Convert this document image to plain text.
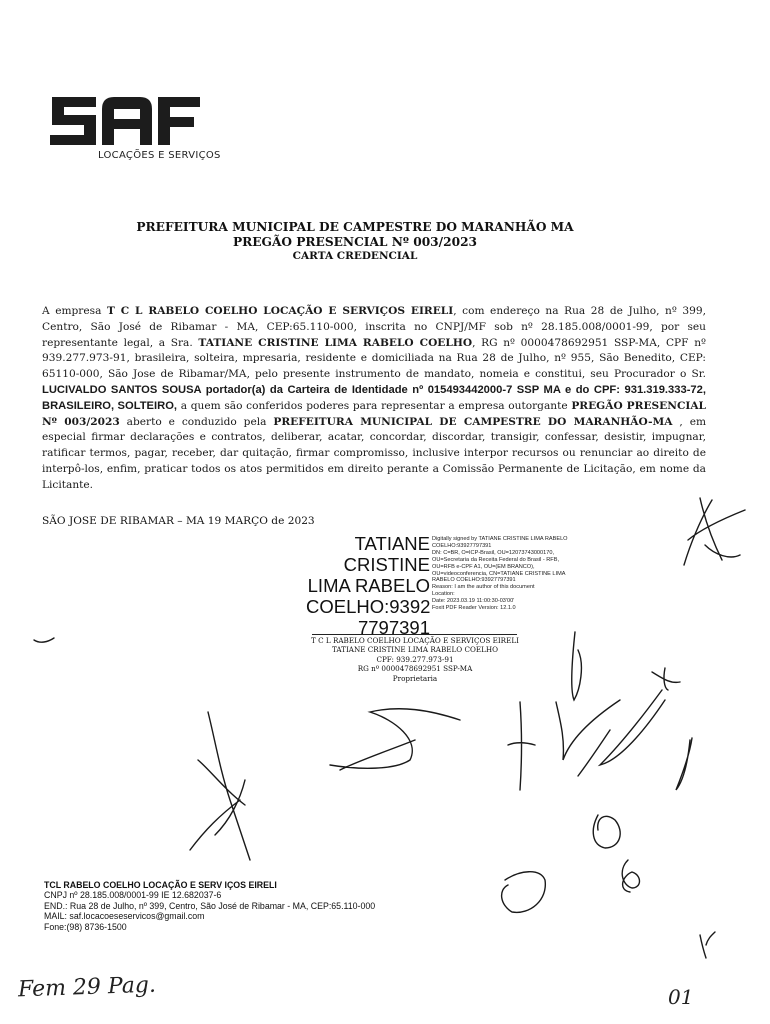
LOCAÇÕES E SERVIÇOS
PREFEITURA MUNICIPAL DE CAMPESTRE DO MARANHÃO MA
PREGÃO PRESENCIAL Nº 003/2023
CARTA CREDENCIAL
A empresa T C L RABELO COELHO LOCAÇÃO E SERVIÇOS EIRELI, com endereço na Rua 28 de Julho, nº 399, Centro, São José de Ribamar - MA, CEP:65.110-000, inscrita no CNPJ/MF sob nº 28.185.008/0001-99, por seu representante legal, a Sra. TATIANE CRISTINE LIMA RABELO COELHO, RG nº 0000478692951 SSP-MA, CPF nº 939.277.973-91, brasileira, solteira, mpresaria, residente e domiciliada na Rua 28 de Julho, nº 955, São Benedito, CEP: 65110-000, São Jose de Ribamar/MA, pelo presente instrumento de mandato, nomeia e constitui, seu Procurador o Sr. LUCIVALDO SANTOS SOUSA portador(a) da Carteira de Identidade nº 015493442000-7 SSP MA e do CPF: 931.319.333-72, BRASILEIRO, SOLTEIRO, a quem são conferidos poderes para representar a empresa outorgante PREGÃO PRESENCIAL Nº 003/2023 aberto e conduzido pela PREFEITURA MUNICIPAL DE CAMPESTRE DO MARANHÃO-MA , em especial firmar declarações e contratos, deliberar, acatar, concordar, discordar, transigir, confessar, desistir, impugnar, ratificar termos, pagar, receber, dar quitação, firmar compromisso, inclusive interpor recursos ou renunciar ao direito de interpô-los, enfim, praticar todos os atos permitidos em direito perante a Comissão Permanente de Licitação, em nome da Licitante.
SÃO JOSE DE RIBAMAR – MA 19 MARÇO de 2023
TATIANE CRISTINE LIMA RABELO COELHO:9392 7797391
Digitally signed by TATIANE CRISTINE LIMA RABELO COELHO:93927797391
DN: C=BR, O=ICP-Brasil, OU=12073743000170, OU=Secretaria da Receita Federal do Brasil - RFB, OU=RFB e-CPF A1, OU=(EM BRANCO), OU=videoconferencia, CN=TATIANE CRISTINE LIMA RABELO COELHO:93927797391
Reason: I am the author of this document
Location:
Date: 2023.03.19 11:00:30-03'00'
Foxit PDF Reader Version: 12.1.0
T C L RABELO COELHO LOCAÇÃO E SERVIÇOS EIRELI
TATIANE CRISTINE LIMA RABELO COELHO
CPF: 939.277.973-91
RG nº 0000478692951 SSP-MA
Proprietaria
TCL RABELO COELHO LOCAÇÃO E SERV IÇOS EIRELI
CNPJ nº 28.185.008/0001-99 IE 12.682037-6
END.: Rua 28 de Julho, nº 399, Centro, São José de Ribamar - MA, CEP:65.110-000
MAIL: saf.locacoeseservicos@gmail.com
Fone:(98) 8736-1500
Fem 29 Pag.	01
